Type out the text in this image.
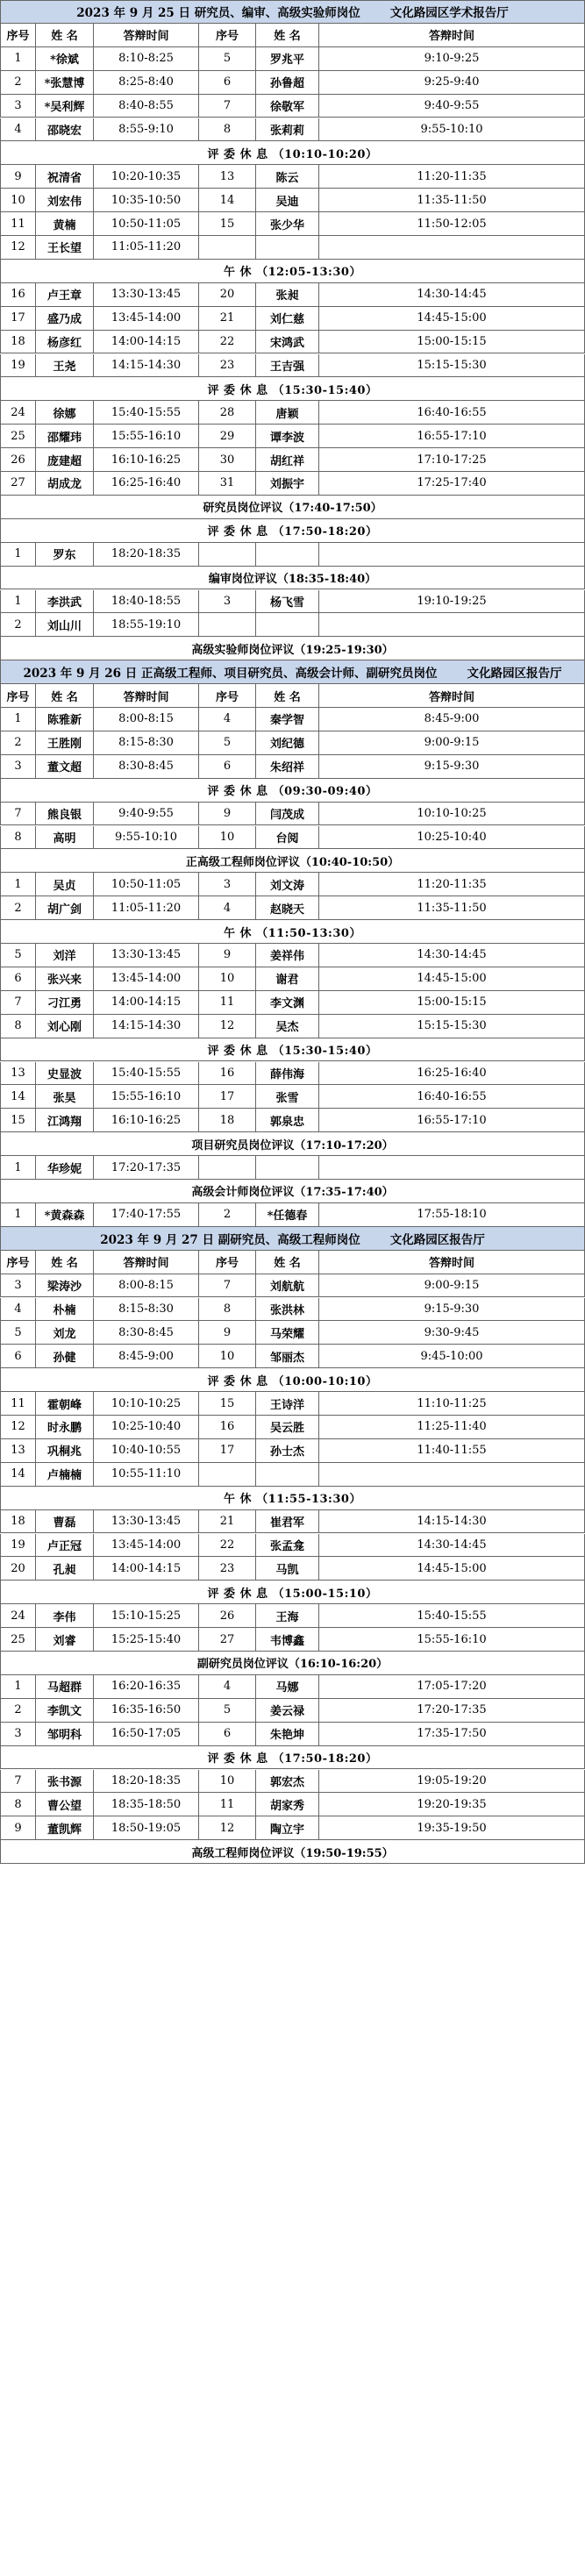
2023 年 9 月 25 日 研究员、编审、高级实验师岗位	文化路园区学术报告厅
序号	姓 名	答辩时间	序号	姓 名	答辩时间
1	*徐斌	8:10-8:25	5	罗兆平	9:10-9:25
2	*张慧博	8:25-8:40	6	孙鲁超	9:25-9:40
3	*吴利辉	8:40-8:55	7	徐敬军	9:40-9:55
4	邵晓宏	8:55-9:10	8	张莉莉	9:55-10:10
评 委 休 息 （10:10-10:20）
9	祝清省	10:20-10:35	13	陈云	11:20-11:35
10	刘宏伟	10:35-10:50	14	吴迪	11:35-11:50
11	黄楠	10:50-11:05	15	张少华	11:50-12:05
12	王长望	11:05-11:20
午 休 （12:05-13:30）
16	卢王章	13:30-13:45	20	张昶	14:30-14:45
17	盛乃成	13:45-14:00	21	刘仁慈	14:45-15:00
18	杨彦红	14:00-14:15	22	宋鸿武	15:00-15:15
19	王尧	14:15-14:30	23	王吉强	15:15-15:30
评 委 休 息 （15:30-15:40）
24	徐娜	15:40-15:55	28	唐颖	16:40-16:55
25	邵耀玮	15:55-16:10	29	谭李波	16:55-17:10
26	庞建超	16:10-16:25	30	胡红祥	17:10-17:25
27	胡成龙	16:25-16:40	31	刘振宇	17:25-17:40
研究员岗位评议（17:40-17:50）
评 委 休 息 （17:50-18:20）
1	罗东	18:20-18:35
编审岗位评议（18:35-18:40）
1	李洪武	18:40-18:55	3	杨飞雪	19:10-19:25
2	刘山川	18:55-19:10
高级实验师岗位评议（19:25-19:30）
2023 年 9 月 26 日 正高级工程师、项目研究员、高级会计师、副研究员岗位	文化路园区报告厅
序号	姓 名	答辩时间	序号	姓 名	答辩时间
1	陈雅新	8:00-8:15	4	秦学智	8:45-9:00
2	王胜刚	8:15-8:30	5	刘纪德	9:00-9:15
3	董文超	8:30-8:45	6	朱绍祥	9:15-9:30
评 委 休 息 （09:30-09:40）
7	熊良银	9:40-9:55	9	闫茂成	10:10-10:25
8	高明	9:55-10:10	10	台阅	10:25-10:40
正高级工程师岗位评议（10:40-10:50）
1	吴贞	10:50-11:05	3	刘文涛	11:20-11:35
2	胡广剑	11:05-11:20	4	赵晓天	11:35-11:50
午 休 （11:50-13:30）
5	刘洋	13:30-13:45	9	姜祥伟	14:30-14:45
6	张兴来	13:45-14:00	10	谢君	14:45-15:00
7	刁江勇	14:00-14:15	11	李文渊	15:00-15:15
8	刘心刚	14:15-14:30	12	吴杰	15:15-15:30
评 委 休 息 （15:30-15:40）
13	史显波	15:40-15:55	16	薛伟海	16:25-16:40
14	张昊	15:55-16:10	17	张雪	16:40-16:55
15	江鸿翔	16:10-16:25	18	郭泉忠	16:55-17:10
项目研究员岗位评议（17:10-17:20）
1	华珍妮	17:20-17:35
高级会计师岗位评议（17:35-17:40）
1	*黄森森	17:40-17:55	2	*任德春	17:55-18:10
2023 年 9 月 27 日 副研究员、高级工程师岗位	文化路园区报告厅
序号	姓 名	答辩时间	序号	姓 名	答辩时间
3	梁涛沙	8:00-8:15	7	刘航航	9:00-9:15
4	朴楠	8:15-8:30	8	张洪林	9:15-9:30
5	刘龙	8:30-8:45	9	马荣耀	9:30-9:45
6	孙健	8:45-9:00	10	邹丽杰	9:45-10:00
评 委 休 息 （10:00-10:10）
11	霍朝峰	10:10-10:25	15	王诗洋	11:10-11:25
12	时永鹏	10:25-10:40	16	吴云胜	11:25-11:40
13	巩桐兆	10:40-10:55	17	孙士杰	11:40-11:55
14	卢楠楠	10:55-11:10
午 休 （11:55-13:30）
18	曹磊	13:30-13:45	21	崔君军	14:15-14:30
19	卢正冠	13:45-14:00	22	张孟龛	14:30-14:45
20	孔昶	14:00-14:15	23	马凯	14:45-15:00
评 委 休 息 （15:00-15:10）
24	李伟	15:10-15:25	26	王海	15:40-15:55
25	刘睿	15:25-15:40	27	韦博鑫	15:55-16:10
副研究员岗位评议（16:10-16:20）
1	马超群	16:20-16:35	4	马娜	17:05-17:20
2	李凯文	16:35-16:50	5	姜云禄	17:20-17:35
3	邹明科	16:50-17:05	6	朱艳坤	17:35-17:50
评 委 休 息 （17:50-18:20）
7	张书源	18:20-18:35	10	郭宏杰	19:05-19:20
8	曹公望	18:35-18:50	11	胡家秀	19:20-19:35
9	董凯辉	18:50-19:05	12	陶立宇	19:35-19:50
高级工程师岗位评议（19:50-19:55）
